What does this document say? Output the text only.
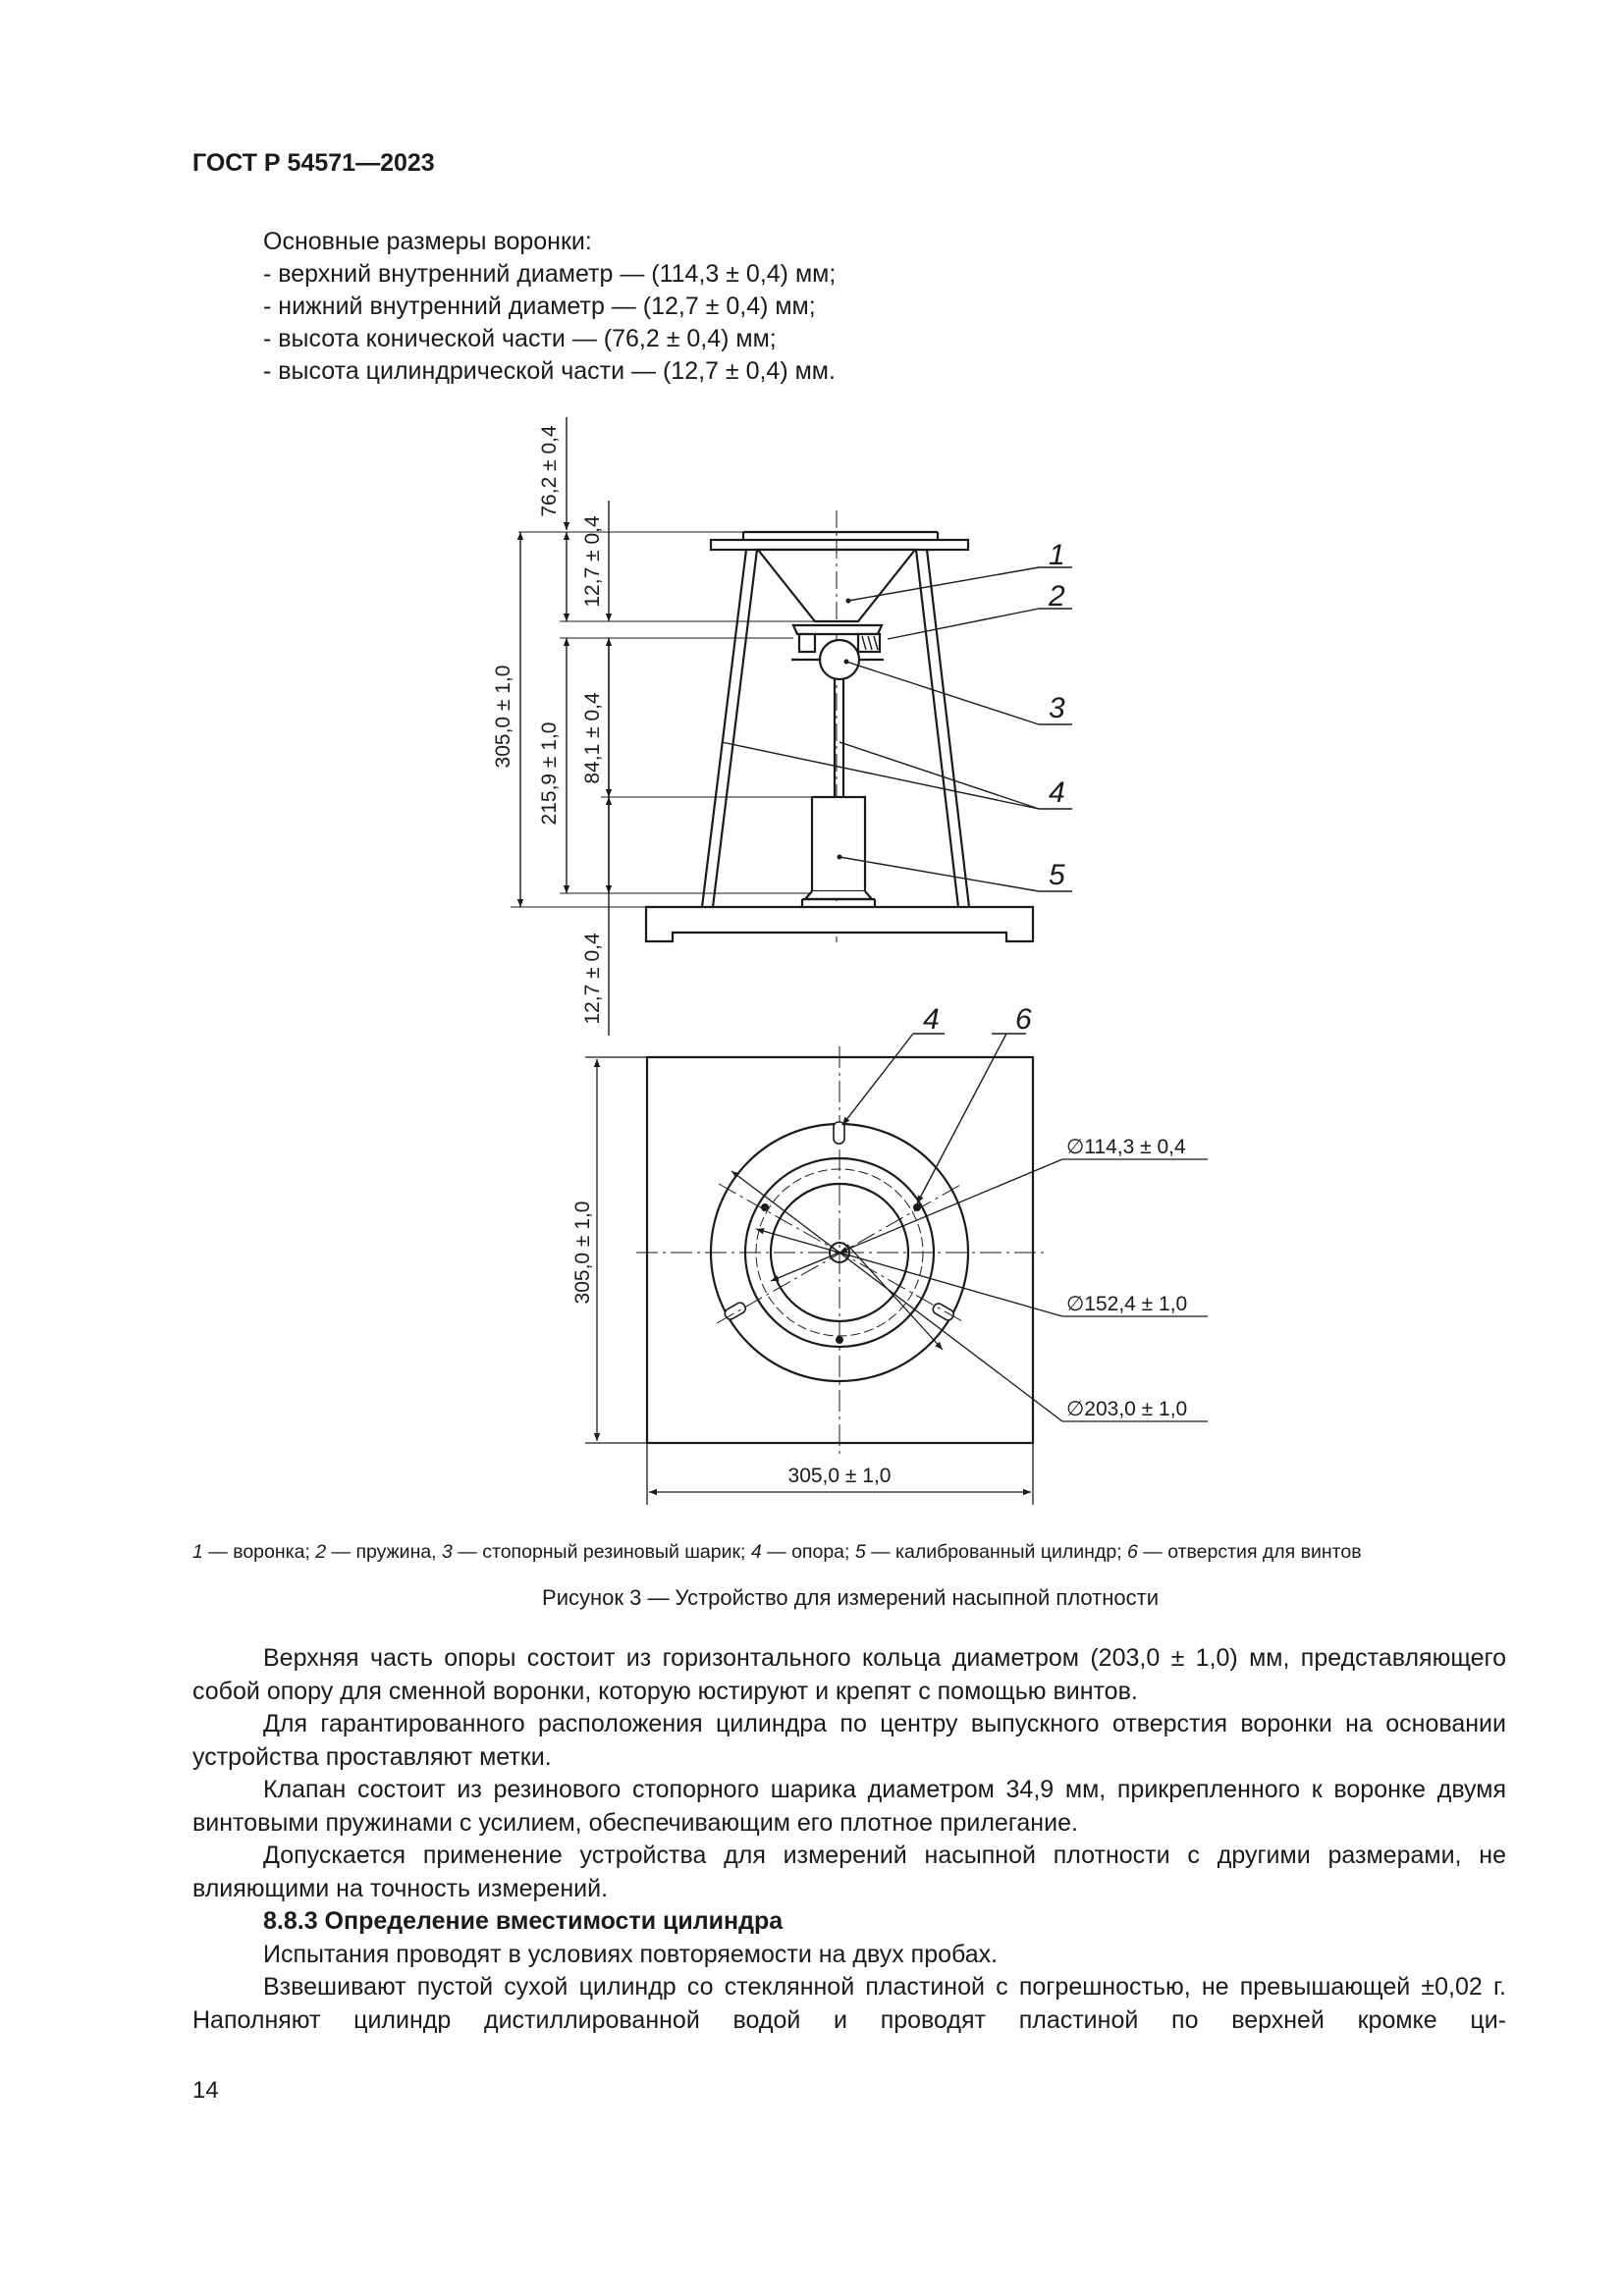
ГОСТ Р 54571—2023
Основные размеры воронки:
- верхний внутренний диаметр — (114,3 ± 0,4) мм;
- нижний внутренний диаметр — (12,7 ± 0,4) мм;
- высота конической части — (76,2 ± 0,4) мм;
- высота цилиндрической части — (12,7 ± 0,4) мм.
76,2 ± 0,4
12,7 ± 0,4
305,0 ± 1,0
215,9 ± 1,0 84,1 ± 0,4
12,7 ± 0,4
1
2
3
4
5
∅114,3 ± 0,4
∅152,4 ± 1,0
∅203,0 ± 1,0
4	6
305,0 ± 1,0
305,0 ± 1,0
1 — воронка; 2 — пружина, 3 — стопорный резиновый шарик; 4 — опора; 5 — калиброванный цилиндр; 6 — отверстия для винтов
Рисунок 3 — Устройство для измерений насыпной плотности

Верхняя часть опоры состоит из горизонтального кольца диаметром (203,0 ± 1,0) мм, представляющего собой опору для сменной воронки, которую юстируют и крепят с помощью винтов.

Для гарантированного расположения цилиндра по центру выпускного отверстия воронки на основании устройства проставляют метки.

Клапан состоит из резинового стопорного шарика диаметром 34,9 мм, прикрепленного к воронке двумя винтовыми пружинами с усилием, обеспечивающим его плотное прилегание.

Допускается применение устройства для измерений насыпной плотности с другими размерами, не влияющими на точность измерений.

8.8.3 Определение вместимости цилиндра

Испытания проводят в условиях повторяемости на двух пробах.

Взвешивают пустой сухой цилиндр со стеклянной пластиной с погрешностью, не превышающей ±0,02 г. Наполняют цилиндр дистиллированной водой и проводят пластиной по верхней кромке ци-

14
